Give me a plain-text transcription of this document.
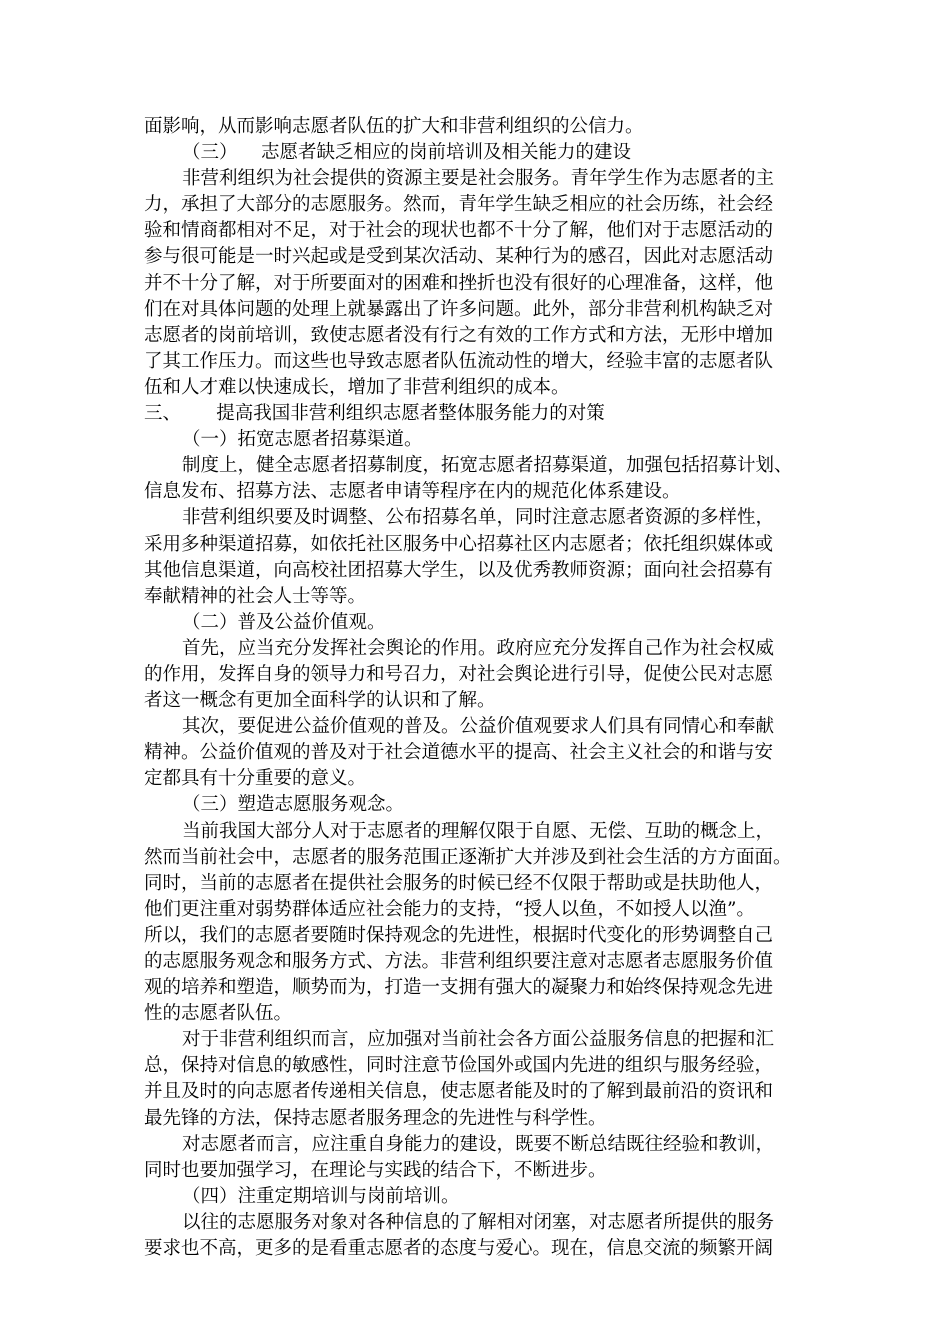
面影响，从而影响志愿者队伍的扩大和非营利组织的公信力。
（三）    志愿者缺乏相应的岗前培训及相关能力的建设
非营利组织为社会提供的资源主要是社会服务。青年学生作为志愿者的主
力，承担了大部分的志愿服务。然而，青年学生缺乏相应的社会历练，社会经
验和情商都相对不足，对于社会的现状也都不十分了解，他们对于志愿活动的
参与很可能是一时兴起或是受到某次活动、某种行为的感召，因此对志愿活动
并不十分了解，对于所要面对的困难和挫折也没有很好的心理准备，这样，他
们在对具体问题的处理上就暴露出了许多问题。此外，部分非营利机构缺乏对
志愿者的岗前培训，致使志愿者没有行之有效的工作方式和方法，无形中增加
了其工作压力。而这些也导致志愿者队伍流动性的增大，经验丰富的志愿者队
伍和人才难以快速成长，增加了非营利组织的成本。
三、      提高我国非营利组织志愿者整体服务能力的对策
（一）拓宽志愿者招募渠道。
制度上，健全志愿者招募制度，拓宽志愿者招募渠道，加强包括招募计划、
信息发布、招募方法、志愿者申请等程序在内的规范化体系建设。
非营利组织要及时调整、公布招募名单，同时注意志愿者资源的多样性，
采用多种渠道招募，如依托社区服务中心招募社区内志愿者；依托组织媒体或
其他信息渠道，向高校社团招募大学生，以及优秀教师资源；面向社会招募有
奉献精神的社会人士等等。
（二）普及公益价值观。
首先，应当充分发挥社会舆论的作用。政府应充分发挥自己作为社会权威
的作用，发挥自身的领导力和号召力，对社会舆论进行引导，促使公民对志愿
者这一概念有更加全面科学的认识和了解。
其次，要促进公益价值观的普及。公益价值观要求人们具有同情心和奉献
精神。公益价值观的普及对于社会道德水平的提高、社会主义社会的和谐与安
定都具有十分重要的意义。
（三）塑造志愿服务观念。
当前我国大部分人对于志愿者的理解仅限于自愿、无偿、互助的概念上，
然而当前社会中，志愿者的服务范围正逐渐扩大并涉及到社会生活的方方面面。
同时，当前的志愿者在提供社会服务的时候已经不仅限于帮助或是扶助他人，
他们更注重对弱势群体适应社会能力的支持，“授人以鱼，不如授人以渔”。
所以，我们的志愿者要随时保持观念的先进性，根据时代变化的形势调整自己
的志愿服务观念和服务方式、方法。非营利组织要注意对志愿者志愿服务价值
观的培养和塑造，顺势而为，打造一支拥有强大的凝聚力和始终保持观念先进
性的志愿者队伍。
对于非营利组织而言，应加强对当前社会各方面公益服务信息的把握和汇
总，保持对信息的敏感性，同时注意节俭国外或国内先进的组织与服务经验，
并且及时的向志愿者传递相关信息，使志愿者能及时的了解到最前沿的资讯和
最先锋的方法，保持志愿者服务理念的先进性与科学性。
对志愿者而言，应注重自身能力的建设，既要不断总结既往经验和教训，
同时也要加强学习，在理论与实践的结合下，不断进步。
（四）注重定期培训与岗前培训。
以往的志愿服务对象对各种信息的了解相对闭塞，对志愿者所提供的服务
要求也不高，更多的是看重志愿者的态度与爱心。现在，信息交流的频繁开阔
